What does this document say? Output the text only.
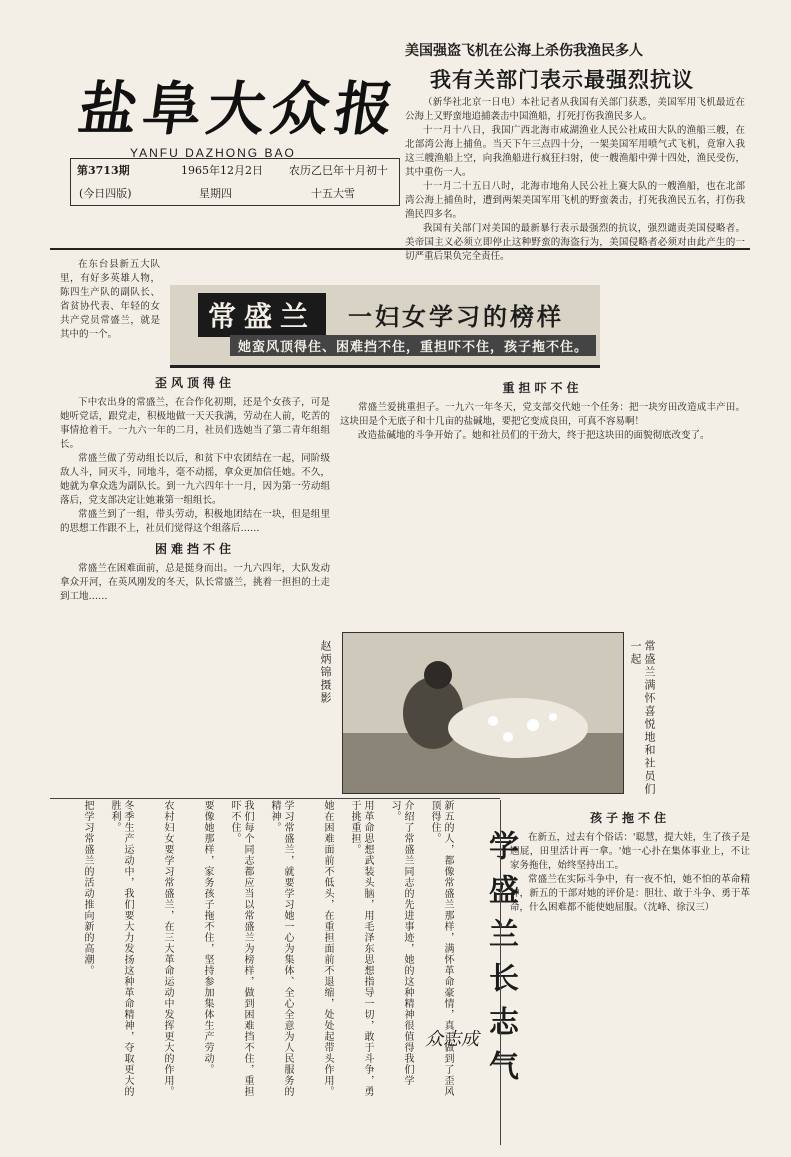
盐阜大众报
YANFU DAZHONG BAO
第3713期	1965年12月2日 农历乙巳年十月初十
(今日四版)	星期四	十五大雪
美国强盗飞机在公海上杀伤我渔民多人
我有关部门表示最强烈抗议

（新华社北京一日电）本社记者从我国有关部门获悉，美国军用飞机最近在公海上又野蛮地追捕袭击中国渔船，打死打伤我渔民多人。

十一月十八日，我国广西北海市咸湖渔业人民公社咸田大队的渔船三艘，在北部湾公海上捕鱼。当天下午三点四十分，一架美国军用喷气式飞机，竟窜入我这三艘渔船上空，向我渔船进行疯狂扫射，使一艘渔船中弹十四处，渔民受伤，其中重伤一人。

十一月二十五日八时，北海市地角人民公社上赛大队的一艘渔船，也在北部湾公海上捕鱼时，遭到两架美国军用飞机的野蛮袭击，打死我渔民五名，打伤我渔民四多名。

我国有关部门对美国的最新暴行表示最强烈的抗议，强烈谴责美国侵略者。美帝国主义必须立即停止这种野蛮的海盗行为，美国侵略者必须对由此产生的一切严重后果负完全责任。

常盛兰	一妇女学习的榜样
她蛮风顶得住、困难挡不住，重担吓不住，孩子拖不住。

在东台县新五大队里，有好多英雄人物，陈四生产队的副队长、省贫协代表、年轻的女共产党员常盛兰，就是其中的一个。

歪风顶得住

下中农出身的常盛兰，在合作化初期，还是个女孩子，可是她听党话，跟党走，积极地做一天天我满，劳动在人前，吃苦的事情抢着干。一九六一年的二月，社员们选她当了第二青年组组长。

常盛兰做了劳动组长以后，和贫下中农团结在一起，同阶级敌人斗，同灭斗，同地斗，毫不动摇，拿众更加信任她。不久，她就为拿众选为副队长。到一九六四年十一月，因为第一劳动组落后，党支部决定让她兼第一组组长。

常盛兰到了一组，带头劳动，积极地团结在一块，但是组里的思想工作跟不上，社员们觉得这个组落后……

困难挡不住

常盛兰在困难面前，总是挺身而出。一九六四年，大队发动拿众开河，在英风刚发的冬天，队长常盛兰，挑着一担担的土走到工地……

重担吓不住

常盛兰爱挑重担子。一九六一年冬天，党支部交代她一个任务：把一块穷田改造成丰产田。这块田是个无底子和十几亩的盐碱地，要把它变成良田，可真不容易啊！

改造盐碱地的斗争开始了。她和社员们的干劲大，终于把这块田的面貌彻底改变了。

赵炳锦摄影	常盛兰满怀喜悦地和社员们一起
孩子拖不住

在新五，过去有个俗话：'聪慧，提大娃，生了孩子是翘屁，田里活计再一拿。'她一心扑在集体事业上，不让家务拖住，始终坚持出工。

常盛兰在实际斗争中，有一夜不怕，她不怕的革命精神，新五的干部对她的评价是：胆壮、敢于斗争、勇于革命，什么困难都不能使她屈服。（沈峰、徐汉三）

学盛兰长志气
众志成
新五的人，都像常盛兰那样，满怀革命豪情，真正做到了歪风顶得住。
介绍了常盛兰同志的先进事迹，她的这种精神很值得我们学习。
用革命思想武装头脑，用毛泽东思想指导一切，敢于斗争，勇于挑重担。
她在困难面前不低头，在重担面前不退缩，处处起带头作用。
学习常盛兰，就要学习她一心为集体、全心全意为人民服务的精神。
我们每个同志都应当以常盛兰为榜样，做到困难挡不住，重担吓不住。
要像她那样，家务孩子拖不住，坚持参加集体生产劳动。
农村妇女要学习常盛兰，在三大革命运动中发挥更大的作用。
冬季生产运动中，我们要大力发扬这种革命精神，夺取更大的胜利。
把学习常盛兰的活动推向新的高潮。
